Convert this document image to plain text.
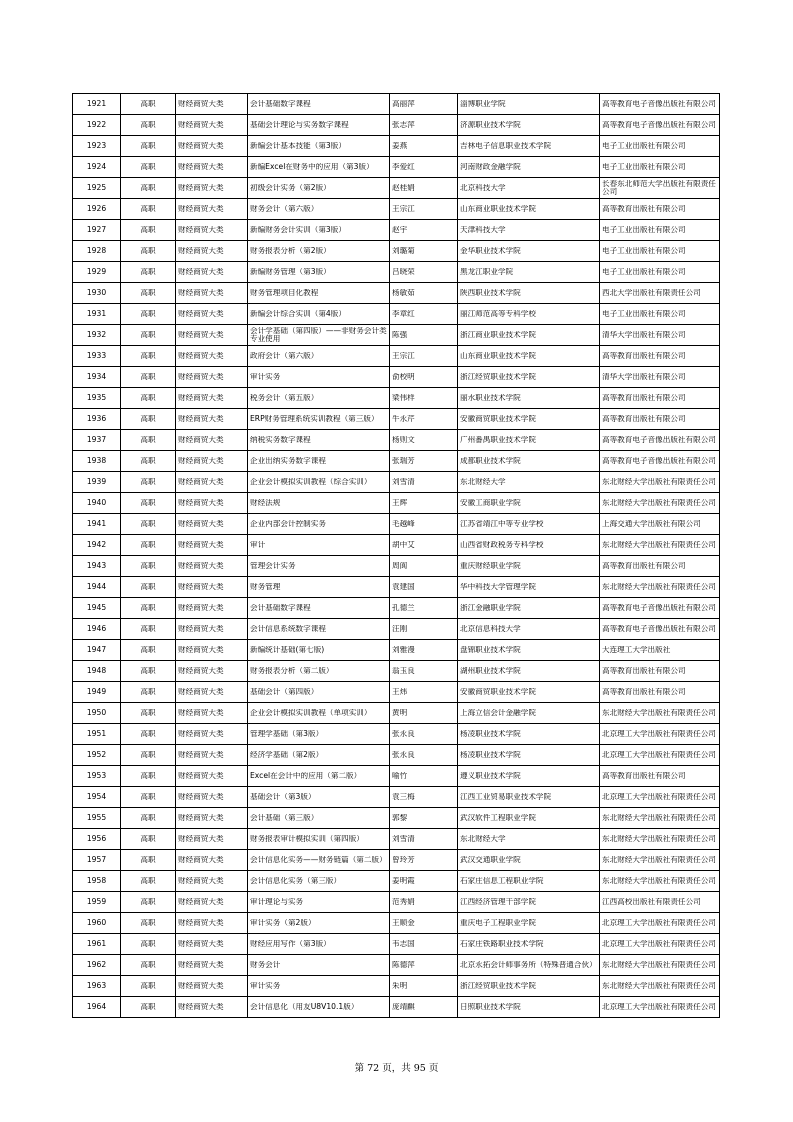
1921	高职	财经商贸大类	会计基础数字课程	高丽萍	淄博职业学院	高等教育电子音像出版社有限公司

1922	高职	财经商贸大类	基础会计理论与实务数字课程	张志萍	济源职业技术学院	高等教育电子音像出版社有限公司

1923	高职	财经商贸大类	新编会计基本技能（第3版）	姜燕	吉林电子信息职业技术学院	电子工业出版社有限公司

1924	高职	财经商贸大类	新编Excel在财务中的应用（第3版）	李爱红	河南财政金融学院	电子工业出版社有限公司

1925	高职	财经商贸大类	初级会计实务（第2版）	赵桂娟	北京科技大学	长春东北师范大学出版社有限责任公司

1926	高职	财经商贸大类	财务会计（第六版）	王宗江	山东商业职业技术学院	高等教育出版社有限公司

1927	高职	财经商贸大类	新编财务会计实训（第3版）	赵宇	天津科技大学	电子工业出版社有限公司

1928	高职	财经商贸大类	财务报表分析（第2版）	刘璐菊	金华职业技术学院	电子工业出版社有限公司

1929	高职	财经商贸大类	新编财务管理（第3版）	吕晓荣	黑龙江职业学院	电子工业出版社有限公司

1930	高职	财经商贸大类	财务管理项目化教程	杨敏茹	陕西职业技术学院	西北大学出版社有限责任公司

1931	高职	财经商贸大类	新编会计综合实训（第4版）	李章红	丽江师范高等专科学校	电子工业出版社有限公司

1932	高职	财经商贸大类	会计学基础（第四版）——非财务会计类专业使用	陈强	浙江商业职业技术学院	清华大学出版社有限公司

1933	高职	财经商贸大类	政府会计（第六版）	王宗江	山东商业职业技术学院	高等教育出版社有限公司

1934	高职	财经商贸大类	审计实务	俞校明	浙江经贸职业技术学院	清华大学出版社有限公司

1935	高职	财经商贸大类	税务会计（第五版）	梁伟样	丽水职业技术学院	高等教育出版社有限公司

1936	高职	财经商贸大类	ERP财务管理系统实训教程（第三版）	牛永芹	安徽商贸职业技术学院	高等教育出版社有限公司

1937	高职	财经商贸大类	纳税实务数字课程	杨则文	广州番禺职业技术学院	高等教育电子音像出版社有限公司

1938	高职	财经商贸大类	企业出纳实务数字课程	张瑞芳	成都职业技术学院	高等教育电子音像出版社有限公司

1939	高职	财经商贸大类	企业会计模拟实训教程（综合实训）	刘雪清	东北财经大学	东北财经大学出版社有限责任公司

1940	高职	财经商贸大类	财经法规	王辉	安徽工商职业学院	东北财经大学出版社有限责任公司

1941	高职	财经商贸大类	企业内部会计控制实务	毛越峰	江苏省靖江中等专业学校	上海交通大学出版社有限公司

1942	高职	财经商贸大类	审计	胡中艾	山西省财政税务专科学校	东北财经大学出版社有限责任公司

1943	高职	财经商贸大类	管理会计实务	周阆	重庆财经职业学院	高等教育出版社有限公司

1944	高职	财经商贸大类	财务管理	袁建国	华中科技大学管理学院	东北财经大学出版社有限责任公司

1945	高职	财经商贸大类	会计基础数字课程	孔德兰	浙江金融职业学院	高等教育电子音像出版社有限公司

1946	高职	财经商贸大类	会计信息系统数字课程	汪刚	北京信息科技大学	高等教育电子音像出版社有限公司

1947	高职	财经商贸大类	新编统计基础(第七版)	刘雅漫	盘锦职业技术学院	大连理工大学出版社

1948	高职	财经商贸大类	财务报表分析（第二版）	翁玉良	湖州职业技术学院	高等教育出版社有限公司

1949	高职	财经商贸大类	基础会计（第四版）	王炜	安徽商贸职业技术学院	高等教育出版社有限公司

1950	高职	财经商贸大类	企业会计模拟实训教程（单项实训）	黄明	上海立信会计金融学院	东北财经大学出版社有限责任公司

1951	高职	财经商贸大类	管理学基础（第3版）	张永良	杨凌职业技术学院	北京理工大学出版社有限责任公司

1952	高职	财经商贸大类	经济学基础（第2版）	张永良	杨凌职业技术学院	北京理工大学出版社有限责任公司

1953	高职	财经商贸大类	Excel在会计中的应用（第二版）	喻竹	遵义职业技术学院	高等教育出版社有限公司

1954	高职	财经商贸大类	基础会计（第3版）	袁三梅	江西工业贸易职业技术学院	北京理工大学出版社有限责任公司

1955	高职	财经商贸大类	会计基础（第三版）	郭黎	武汉软件工程职业学院	东北财经大学出版社有限责任公司

1956	高职	财经商贸大类	财务报表审计模拟实训（第四版）	刘雪清	东北财经大学	东北财经大学出版社有限责任公司

1957	高职	财经商贸大类	会计信息化实务——财务链篇（第二版）	曾玲芳	武汉交通职业学院	东北财经大学出版社有限责任公司

1958	高职	财经商贸大类	会计信息化实务（第三版）	姜明霞	石家庄信息工程职业学院	东北财经大学出版社有限责任公司

1959	高职	财经商贸大类	审计理论与实务	范秀娟	江西经济管理干部学院	江西高校出版社有限责任公司

1960	高职	财经商贸大类	审计实务（第2版）	王顺金	重庆电子工程职业学院	北京理工大学出版社有限责任公司

1961	高职	财经商贸大类	财经应用写作（第3版）	韦志国	石家庄铁路职业技术学院	北京理工大学出版社有限责任公司

1962	高职	财经商贸大类	财务会计	陈德萍	北京永拓会计师事务所（特殊普通合伙）	东北财经大学出版社有限责任公司

1963	高职	财经商贸大类	审计实务	朱明	浙江经贸职业技术学院	东北财经大学出版社有限责任公司

1964	高职	财经商贸大类	会计信息化（用友U8V10.1版）	庞靖麒	日照职业技术学院	北京理工大学出版社有限责任公司
第 72 页，共 95 页
